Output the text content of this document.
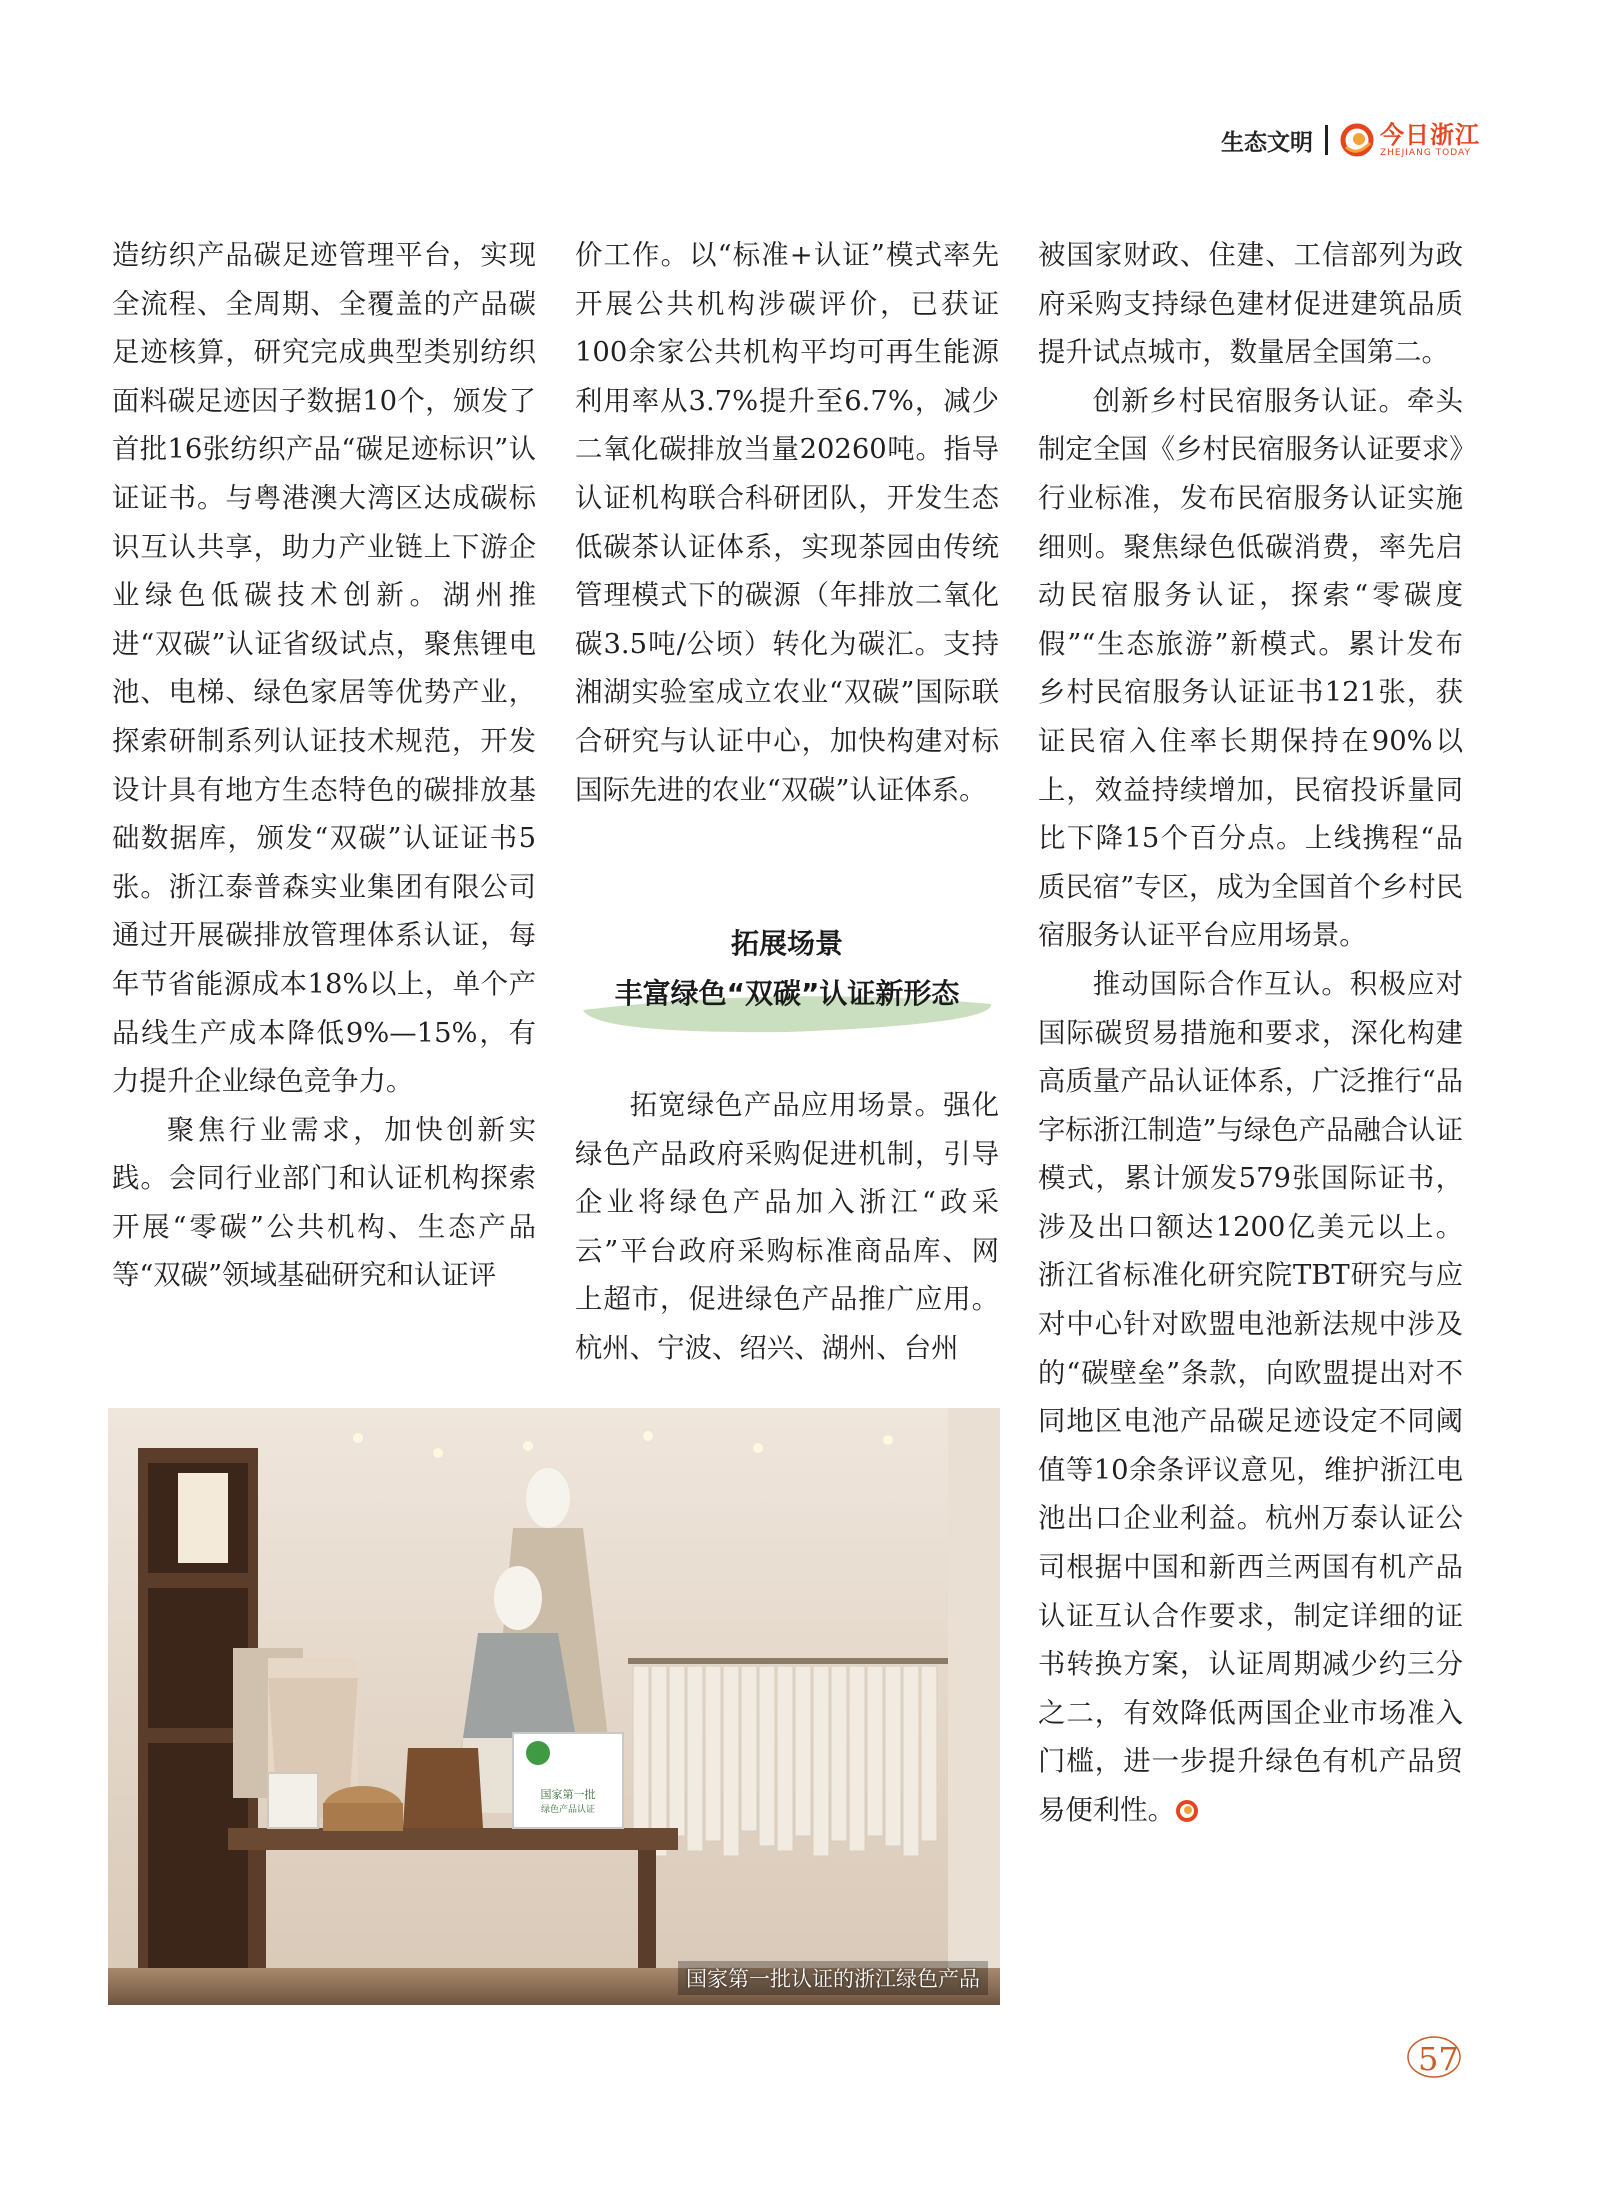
生态文明	今日浙江
ZHEJIANG TODAY

造纺织产品碳足迹管理平台，实现全流程、全周期、全覆盖的产品碳足迹核算，研究完成典型类别纺织面料碳足迹因子数据10个，颁发了首批16张纺织产品“碳足迹标识”认证证书。与粤港澳大湾区达成碳标识互认共享，助力产业链上下游企业绿色低碳技术创新。湖州推进“双碳”认证省级试点，聚焦锂电池、电梯、绿色家居等优势产业，探索研制系列认证技术规范，开发设计具有地方生态特色的碳排放基础数据库，颁发“双碳”认证证书5张。浙江泰普森实业集团有限公司通过开展碳排放管理体系认证，每年节省能源成本18%以上，单个产品线生产成本降低9%—15%，有力提升企业绿色竞争力。

聚焦行业需求，加快创新实践。会同行业部门和认证机构探索开展“零碳”公共机构、生态产品等“双碳”领域基础研究和认证评

价工作。以“标准+认证”模式率先开展公共机构涉碳评价，已获证100余家公共机构平均可再生能源利用率从3.7%提升至6.7%，减少二氧化碳排放当量20260吨。指导认证机构联合科研团队，开发生态低碳茶认证体系，实现茶园由传统管理模式下的碳源（年排放二氧化碳3.5吨/公顷）转化为碳汇。支持湘湖实验室成立农业“双碳”国际联合研究与认证中心，加快构建对标国际先进的农业“双碳”认证体系。

拓展场景
丰富绿色“双碳”认证新形态

拓宽绿色产品应用场景。强化绿色产品政府采购促进机制，引导企业将绿色产品加入浙江“政采云”平台政府采购标准商品库、网上超市，促进绿色产品推广应用。杭州、宁波、绍兴、湖州、台州

被国家财政、住建、工信部列为政府采购支持绿色建材促进建筑品质提升试点城市，数量居全国第二。

创新乡村民宿服务认证。牵头制定全国《乡村民宿服务认证要求》行业标准，发布民宿服务认证实施细则。聚焦绿色低碳消费，率先启动民宿服务认证，探索“零碳度假”“生态旅游”新模式。累计发布乡村民宿服务认证证书121张，获证民宿入住率长期保持在90%以上，效益持续增加，民宿投诉量同比下降15个百分点。上线携程“品质民宿”专区，成为全国首个乡村民宿服务认证平台应用场景。

推动国际合作互认。积极应对国际碳贸易措施和要求，深化构建高质量产品认证体系，广泛推行“品字标浙江制造”与绿色产品融合认证模式，累计颁发579张国际证书，涉及出口额达1200亿美元以上。浙江省标准化研究院TBT研究与应对中心针对欧盟电池新法规中涉及的“碳壁垒”条款，向欧盟提出对不同地区电池产品碳足迹设定不同阈值等10余条评议意见，维护浙江电池出口企业利益。杭州万泰认证公司根据中国和新西兰两国有机产品认证互认合作要求，制定详细的证书转换方案，认证周期减少约三分之二，有效降低两国企业市场准入门槛，进一步提升绿色有机产品贸易便利性。

国家第一批
绿色产品认证
国家第一批认证的浙江绿色产品
57
